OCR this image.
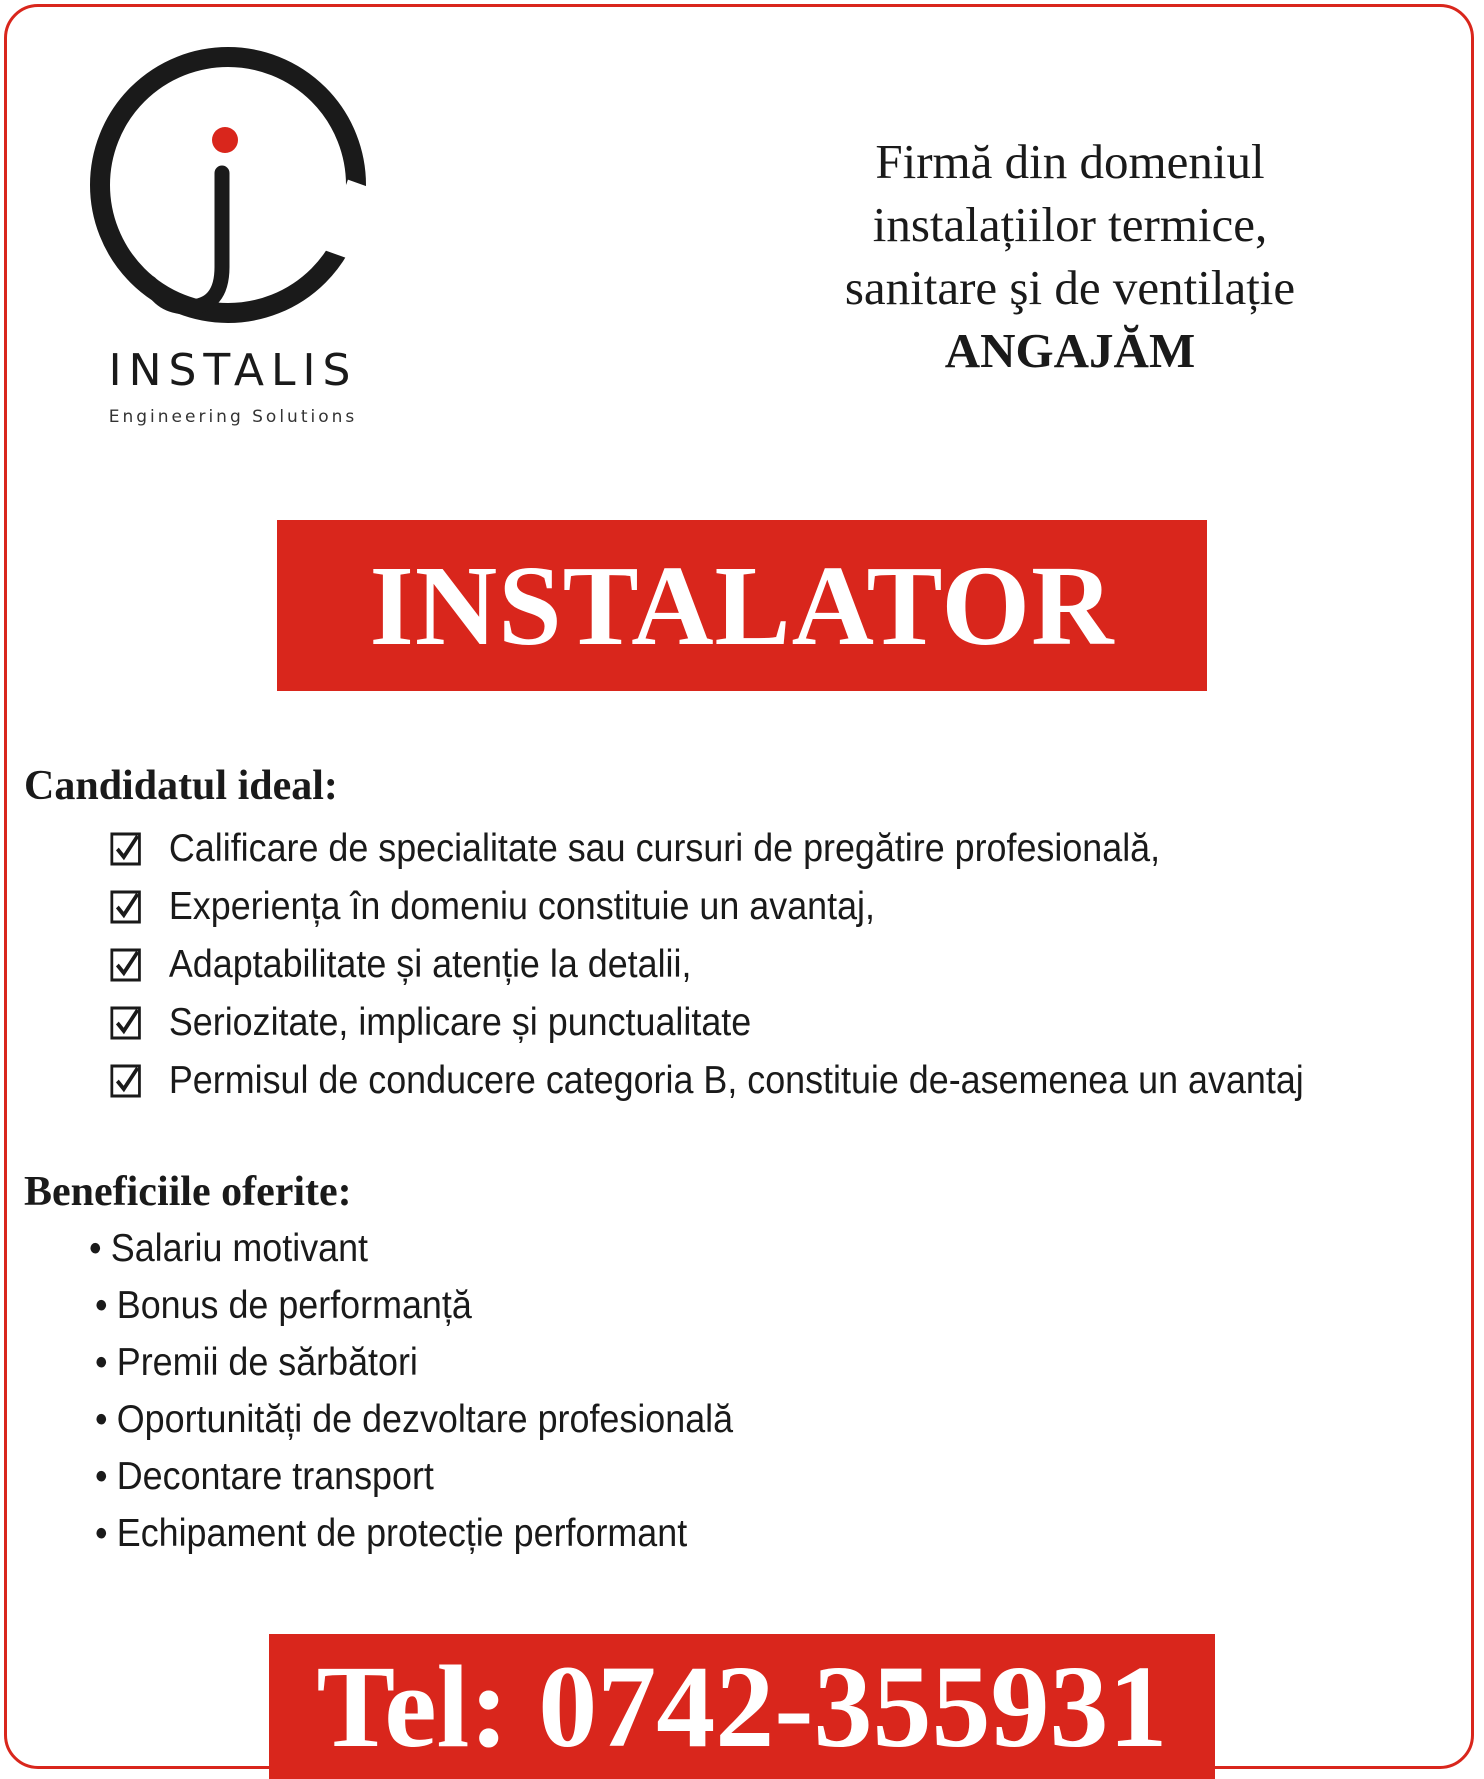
INSTALIS
Engineering Solutions
Firmă din domeniul
instalațiilor termice,
sanitare şi de ventilație
ANGAJĂM
INSTALATOR
Candidatul ideal:
Calificare de specialitate sau cursuri de pregătire profesională,
Experiența în domeniu constituie un avantaj,
Adaptabilitate și atenție la detalii,
Seriozitate, implicare și punctualitate
Permisul de conducere categoria B, constituie de-asemenea un avantaj
Beneficiile oferite:
• Salariu motivant
• Bonus de performanță
• Premii de sărbători
• Oportunități de dezvoltare profesională
• Decontare transport
• Echipament de protecție performant
Tel: 0742-355931
